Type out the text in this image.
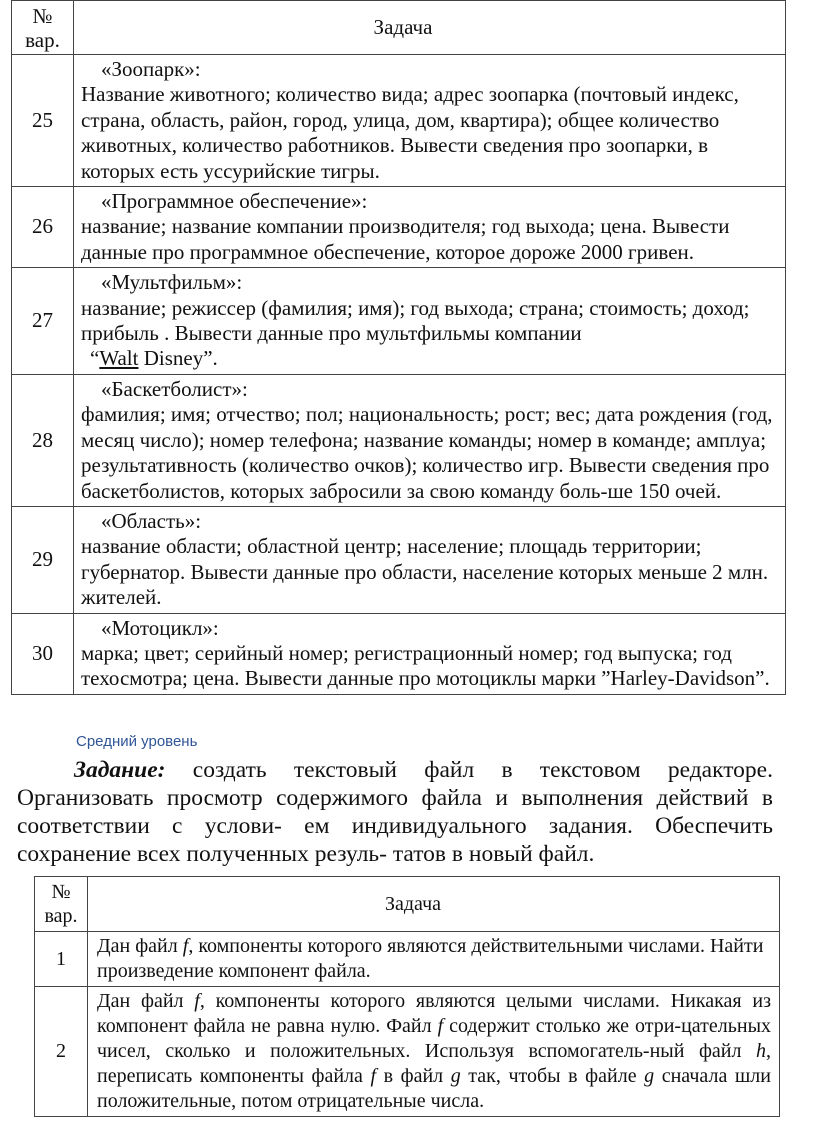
№
вар.	Задача
25	«Зоопарк»:
Название животного; количество вида; адрес зоопарка (почтовый индекс, страна, область, район, город, улица, дом, квартира); общее количество животных, количество работников. Вывести сведения про зоопарки, в которых есть уссурийские тигры.

26	«Программное обеспечение»:
название; название компании производителя; год выхода; цена. Вывести данные про программное обеспечение, которое дороже 2000 гривен.

27	«Мультфильм»:
название; режиссер (фамилия; имя); год выхода; страна; стоимость; доход; прибыль . Вывести данные про мультфильмы компании
“Walt Disney”.

28	«Баскетболист»:
фамилия; имя; отчество; пол; национальность; рост; вес; дата рождения (год, месяц число); номер телефона; название команды; номер в команде; амплуа; результативность (количество очков); количество игр. Вывести сведения про баскетболистов, которых забросили за свою команду боль-ше 150 очей.

29	«Область»:
название области; областной центр; население; площадь территории; губернатор. Вывести данные про области, население которых меньше 2 млн. жителей.

30	«Мотоцикл»:
марка; цвет; серийный номер; регистрационный номер; год выпуска; год техосмотра; цена. Вывести данные про мотоциклы марки ”Harley-Davidson”.
Средний уровень

Задание: создать текстовый файл в текстовом редакторе. Организовать просмотр содержимого файла и выполнения действий в соответствии с услови- ем индивидуального задания. Обеспечить сохранение всех полученных резуль- татов в новый файл.

№
вар.	Задача
1	Дан файл f, компоненты которого являются действительными числами. Найти произведение компонент файла.
2	Дан файл f, компоненты которого являются целыми числами. Никакая из компонент файла не равна нулю. Файл f содержит столько же отри-цательных чисел, сколько и положительных. Используя вспомогатель-ный файл h, переписать компоненты файла f в файл g так, чтобы в файле g сначала шли положительные, потом отрицательные числа.
